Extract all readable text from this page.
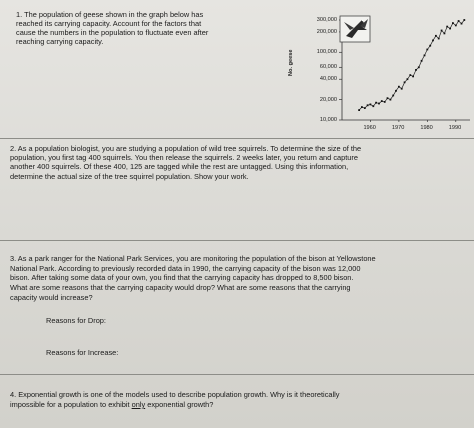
1. The population of geese shown in the graph below has
reached its carrying capacity. Account for the factors that
cause the numbers in the population to fluctuate even after
reaching carrying capacity.
No. geese
10,000
20,000
40,000
60,000
100,000
200,000
300,000
1960	1970	1980	1990
2. As a population biologist, you are studying a population of wild tree squirrels. To determine the size of the
population, you first tag 400 squirrels. You then release the squirrels. 2 weeks later, you return and capture
another 400 squirrels. Of these 400, 125 are tagged while the rest are untagged. Using this information,
determine the actual size of the tree squirrel population. Show your work.
3. As a park ranger for the National Park Services, you are monitoring the population of the bison at Yellowstone
National Park. According to previously recorded data in 1990, the carrying capacity of the bison was 12,000
bison. After taking some data of your own, you find that the carrying capacity has dropped to 8,500 bison.
What are some reasons that the carrying capacity would drop? What are some reasons that the carrying
capacity would increase?
Reasons for Drop:
Reasons for Increase:
4. Exponential growth is one of the models used to describe population growth. Why is it theoretically
impossible for a population to exhibit only exponential growth?
